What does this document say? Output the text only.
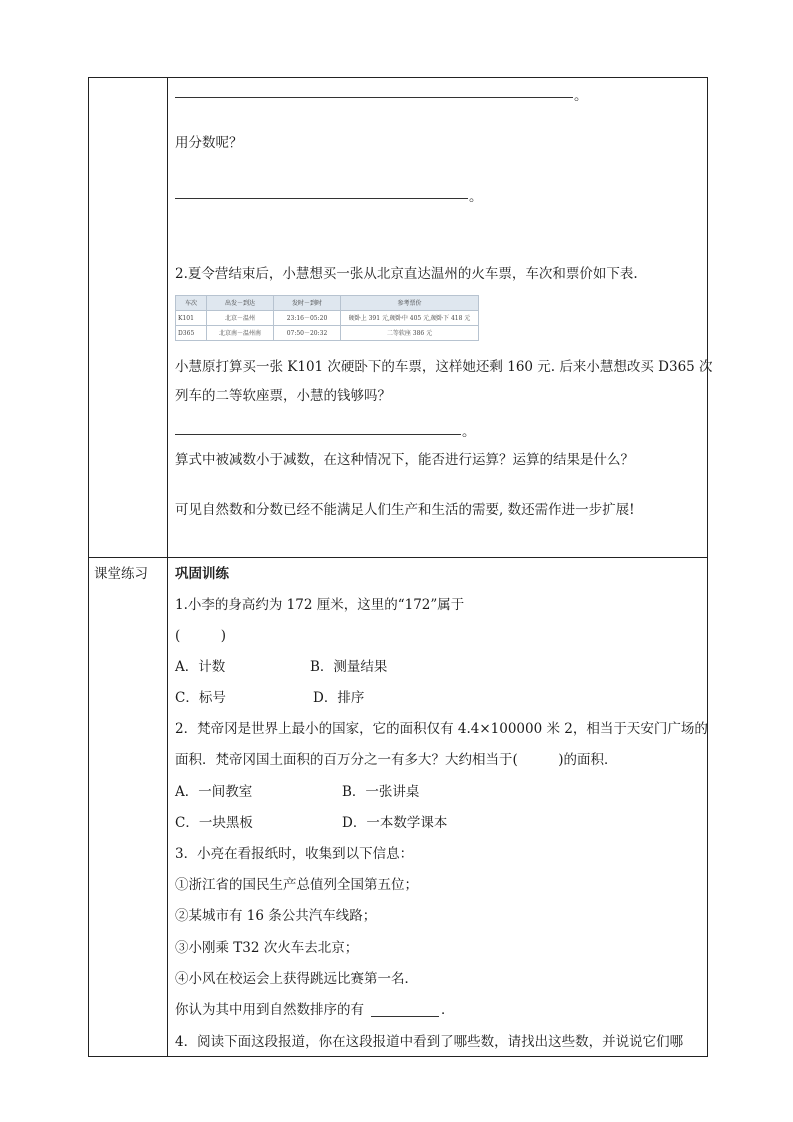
。
用分数呢？
。
2.夏令营结束后，小慧想买一张从北京直达温州的火车票，车次和票价如下表.
车次	出发－到达	发时－到时	参考票价
K101	北京－温州	23:16－05:20	硬卧上 391 元,硬卧中 405 元,硬卧下 418 元
D365	北京南－温州南	07:50－20:32	二等软座 386 元
小慧原打算买一张 K101 次硬卧下的车票，这样她还剩 160 元. 后来小慧想改买 D365 次
列车的二等软座票，小慧的钱够吗？
。
算式中被减数小于减数，在这种情况下，能否进行运算？运算的结果是什么？
可见自然数和分数已经不能满足人们生产和生活的需要, 数还需作进一步扩展!
课堂练习 巩固训练
1.小李的身高约为 172 厘米，这里的“172”属于
(　　　)
A．计数	B．测量结果
C．标号	D．排序
2．梵帝冈是世界上最小的国家，它的面积仅有 4.4×100000 米 2，相当于天安门广场的
面积．梵帝冈国土面积的百万分之一有多大？大约相当于(　　　)的面积．
A．一间教室	B．一张讲桌
C．一块黑板	D．一本数学课本
3．小亮在看报纸时，收集到以下信息：
①浙江省的国民生产总值列全国第五位；
②某城市有 16 条公共汽车线路；
③小刚乘 T32 次火车去北京；
④小风在校运会上获得跳远比赛第一名．
你认为其中用到自然数排序的有	．
4．阅读下面这段报道，你在这段报道中看到了哪些数，请找出这些数，并说说它们哪
